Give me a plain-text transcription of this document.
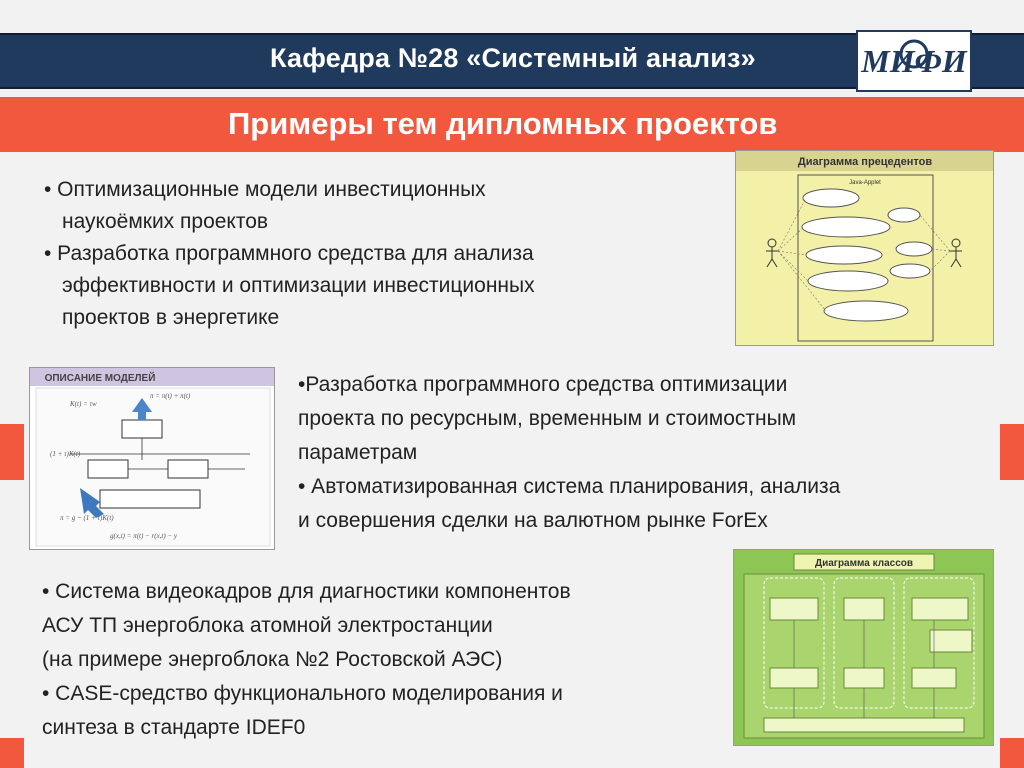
Кафедра №28 «Системный анализ»	МИФИ
Примеры тем дипломных проектов

• Оптимизационные модели инвестиционных

наукоёмких проектов

• Разработка программного средства для анализа

эффективности и оптимизации инвестиционных

проектов в энергетике

•Разработка программного средства оптимизации

проекта по ресурсным, временным и стоимостным

параметрам

• Автоматизированная система планирования, анализа

и совершения сделки на валютном рынке ForEx

• Система видеокадров для диагностики компонентов

АСУ ТП энергоблока атомной электростанции

(на примере энергоблока №2 Ростовской АЭС)

• CASE-средство функционального моделирования и

синтеза в стандарте IDEF0

Диаграмма прецедентов
Java-Applet
ОПИСАНИЕ МОДЕЛЕЙ
K(t) = τw
π = π(t) + π(t)
(1 + τ)K(t)
π = g − (1 + τ)K(t)
g(x,t) = π(t) − r(x,t) − y
Диаграмма классов
